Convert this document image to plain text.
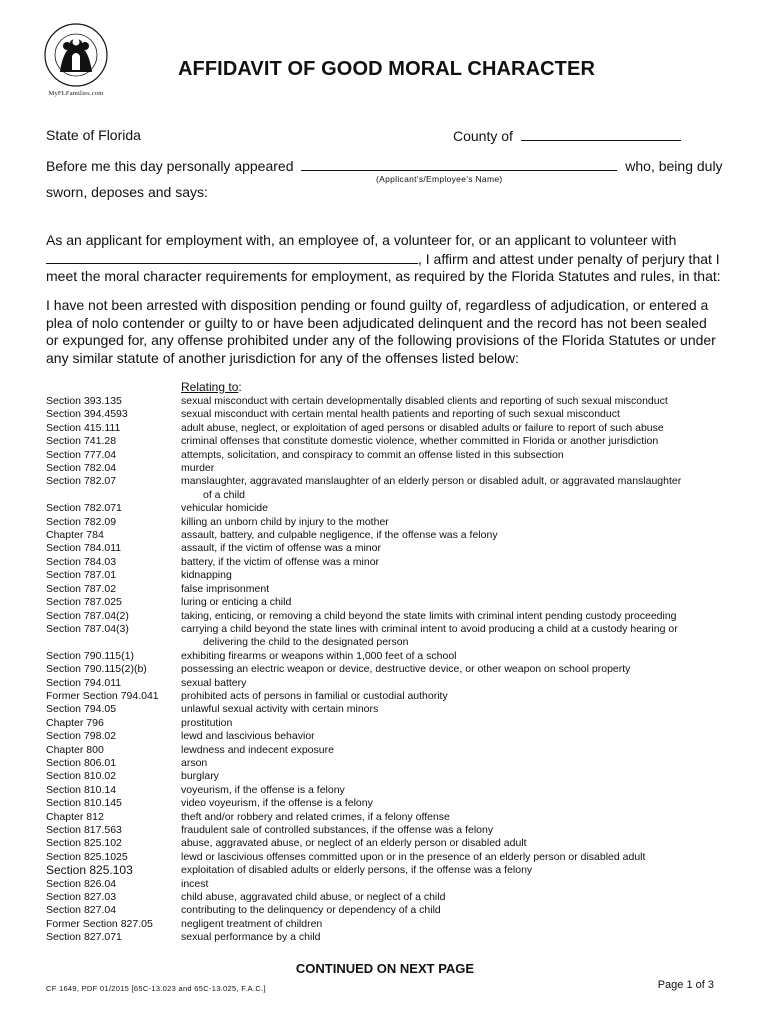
MyFLFamilies.com
AFFIDAVIT OF GOOD MORAL CHARACTER
State of Florida	County of
Before me this day personally appeared	who, being duly
(Applicant’s/Employee’s Name)
sworn, deposes and says:
As an applicant for employment with, an employee of, a volunteer for, or an applicant to volunteer with
, I affirm and attest under penalty of perjury that I
meet the moral character requirements for employment, as required by the Florida Statutes and rules, in that:
I have not been arrested with disposition pending or found guilty of, regardless of adjudication, or entered a plea of nolo contender or guilty to or have been adjudicated delinquent and the record has not been sealed or expunged for, any offense prohibited under any of the following provisions of the Florida Statutes or under any similar statute of another jurisdiction for any of the offenses listed below:
Relating to:
Section 393.135	sexual misconduct with certain developmentally disabled clients and reporting of such sexual misconduct
Section 394.4593	sexual misconduct with certain mental health patients and reporting of such sexual misconduct
Section 415.111	adult abuse, neglect, or exploitation of aged persons or disabled adults or failure to report of such abuse
Section 741.28	criminal offenses that constitute domestic violence, whether committed in Florida or another jurisdiction
Section 777.04	attempts, solicitation, and conspiracy to commit an offense listed in this subsection
Section 782.04	murder
Section 782.07	manslaughter, aggravated manslaughter of an elderly person or disabled adult, or aggravated manslaughter
of a child
Section 782.071	vehicular homicide
Section 782.09	killing an unborn child by injury to the mother
Chapter 784	assault, battery, and culpable negligence, if the offense was a felony
Section 784.011	assault, if the victim of offense was a minor
Section 784.03	battery, if the victim of offense was a minor
Section 787.01	kidnapping
Section 787.02	false imprisonment
Section 787.025	luring or enticing a child
Section 787.04(2)	taking, enticing, or removing a child beyond the state limits with criminal intent pending custody proceeding
Section 787.04(3)	carrying a child beyond the state lines with criminal intent to avoid producing a child at a custody hearing or
delivering the child to the designated person
Section 790.115(1)	exhibiting firearms or weapons within 1,000 feet of a school
Section 790.115(2)(b)	possessing an electric weapon or device, destructive device, or other weapon on school property
Section 794.011	sexual battery
Former Section 794.041	prohibited acts of persons in familial or custodial authority
Section 794.05	unlawful sexual activity with certain minors
Chapter 796	prostitution
Section 798.02	lewd and lascivious behavior
Chapter 800	lewdness and indecent exposure
Section 806.01	arson
Section 810.02	burglary
Section 810.14	voyeurism, if the offense is a felony
Section 810.145	video voyeurism, if the offense is a felony
Chapter 812	theft and/or robbery and related crimes, if a felony offense
Section 817.563	fraudulent sale of controlled substances, if the offense was a felony
Section 825.102	abuse, aggravated abuse, or neglect of an elderly person or disabled adult
Section 825.1025	lewd or lascivious offenses committed upon or in the presence of an elderly person or disabled adult
Section 825.103	exploitation of disabled adults or elderly persons, if the offense was a felony
Section 826.04	incest
Section 827.03	child abuse, aggravated child abuse, or neglect of a child
Section 827.04	contributing to the delinquency or dependency of a child
Former Section 827.05	negligent treatment of children
Section 827.071	sexual performance by a child
CONTINUED ON NEXT PAGE
CF 1649, PDF 01/2015 [65C-13.023 and 65C-13.025, F.A.C.]	Page 1 of 3
